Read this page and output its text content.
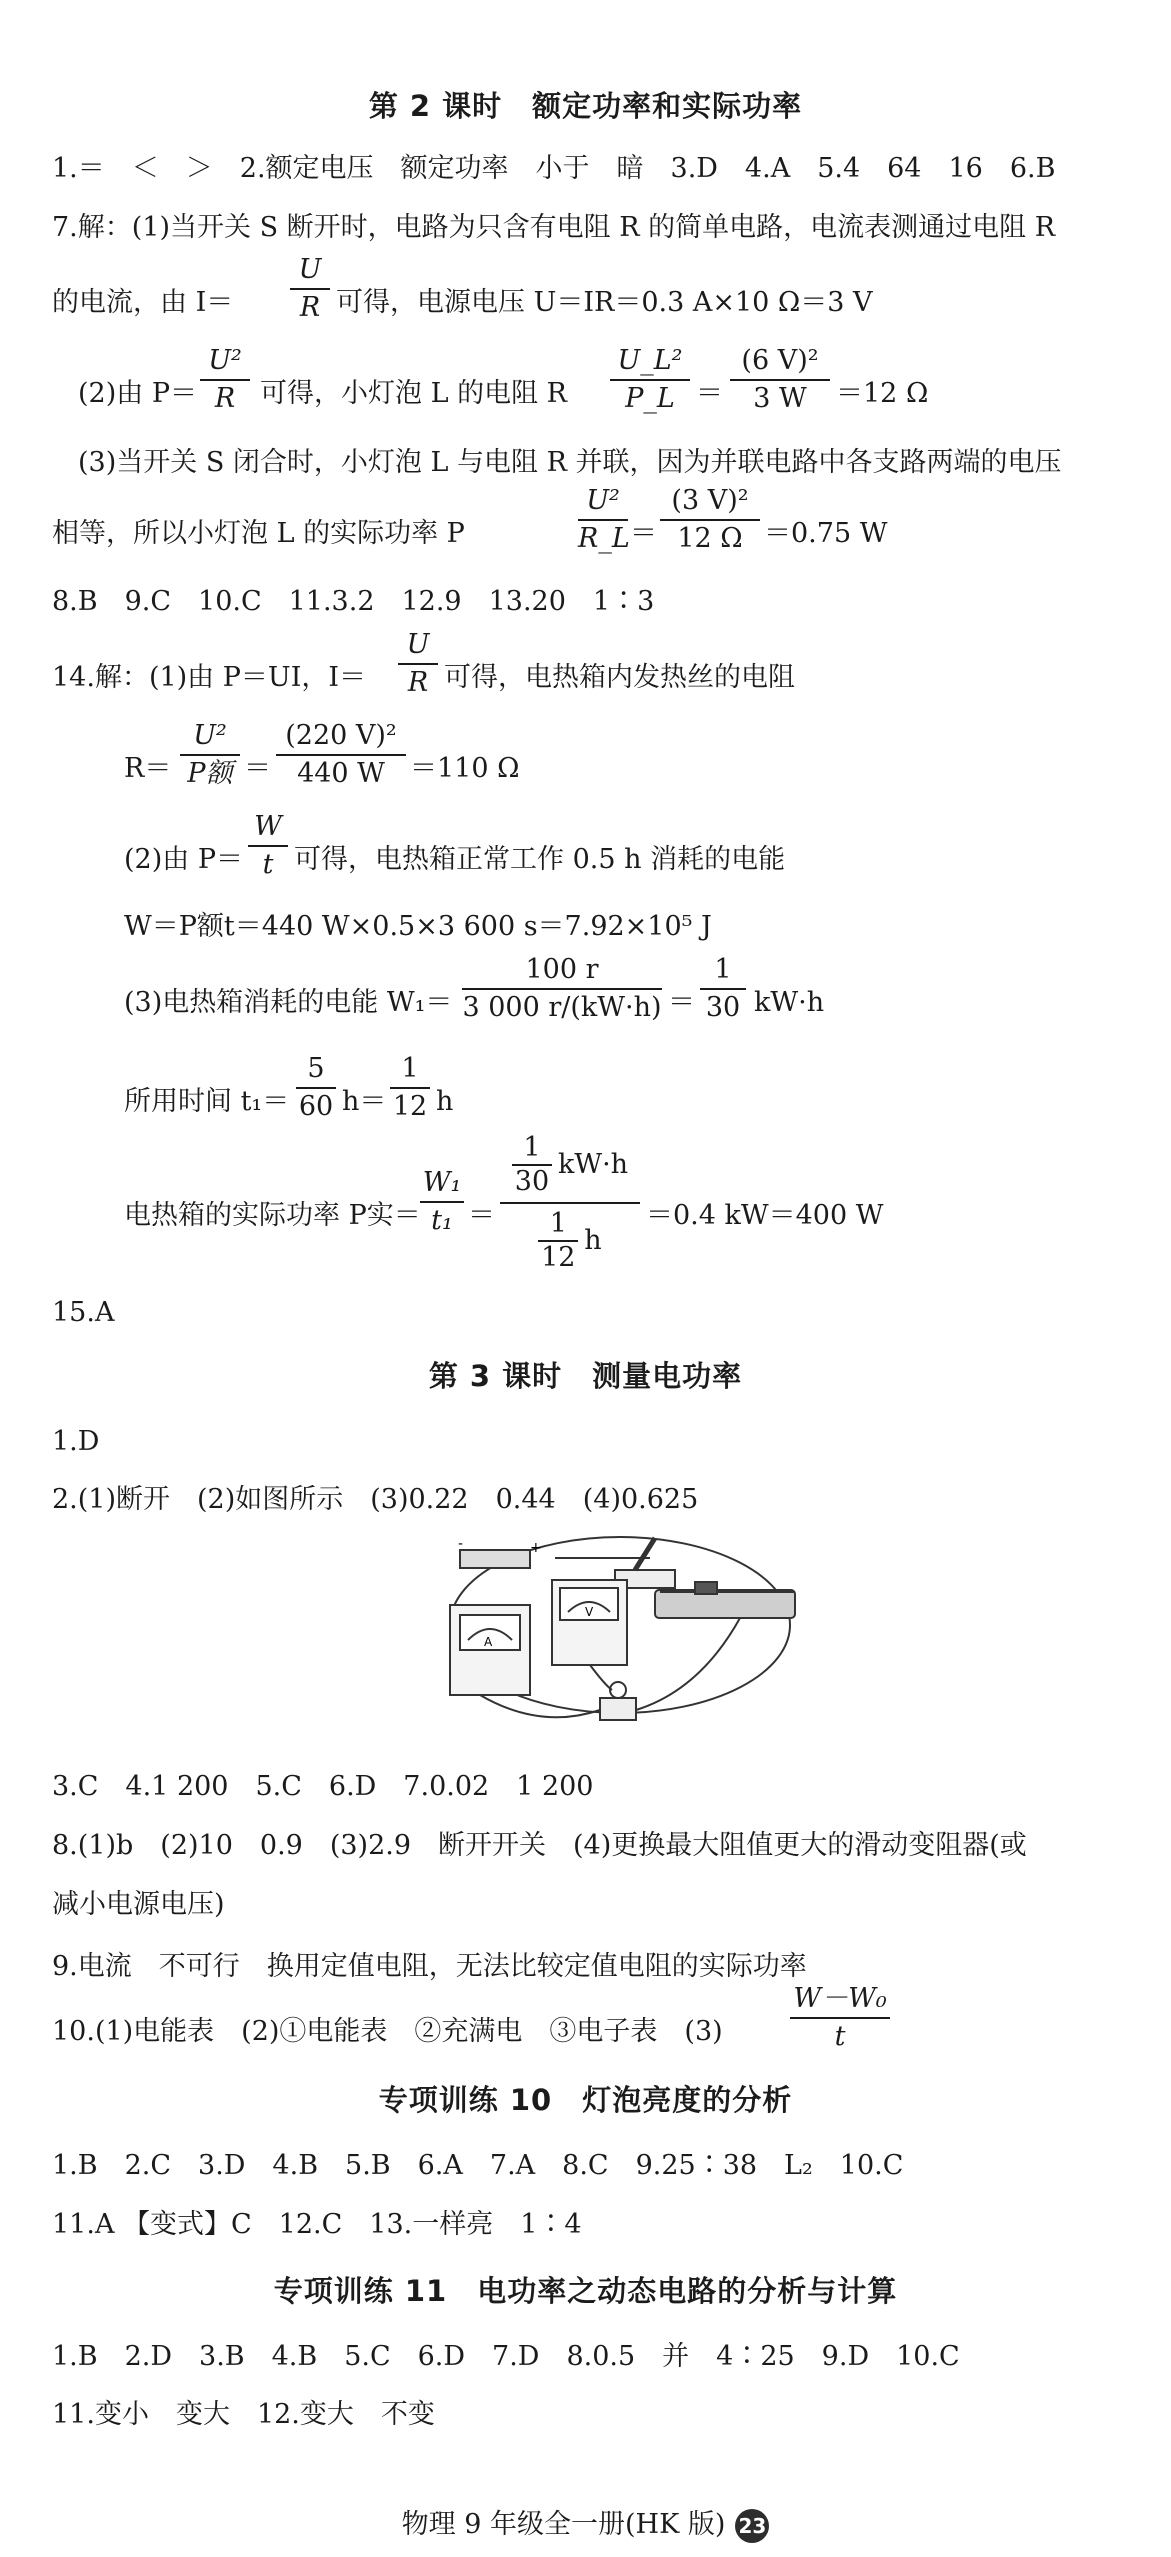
第 2 课时　额定功率和实际功率
1.＝　＜　＞　2.额定电压　额定功率　小于　暗　3.D　4.A　5.4　64　16　6.B
7.解：(1)当开关 S 断开时，电路为只含有电阻 R 的简单电路，电流表测通过电阻 R
的电流，由 I＝
U
R 可得，电源电压 U＝IR＝0.3 A×10 Ω＝3 V
(2)由 P＝
U²
R 可得，小灯泡 L 的电阻 R
U_L²
P_L ＝
(6 V)²
3 W	＝12 Ω
(3)当开关 S 闭合时，小灯泡 L 与电阻 R 并联，因为并联电路中各支路两端的电压
相等，所以小灯泡 L 的实际功率 P
U²
R_L ＝
(3 V)²
12 Ω ＝0.75 W
8.B　9.C　10.C　11.3.2　12.9　13.20　1∶3
14.解：(1)由 P＝UI，I＝
U
R 可得，电热箱内发热丝的电阻
R＝
U²
P额 ＝
(220 V)²
440 W ＝110 Ω
(2)由 P＝
W
t 可得，电热箱正常工作 0.5 h 消耗的电能
W＝P额t＝440 W×0.5×3 600 s＝7.92×10⁵ J
(3)电热箱消耗的电能 W₁＝
100 r
3 000 r/(kW·h) ＝
1
30 kW·h
所用时间 t₁＝
5
60 h＝
1
12 h
电热箱的实际功率 P实＝
W₁
t₁ ＝
1
30
kW·h
1
12
h
＝0.4 kW＝400 W
15.A
第 3 课时　测量电功率
1.D
2.(1)断开　(2)如图所示　(3)0.22　0.44　(4)0.625
-	+
A
V
3.C　4.1 200　5.C　6.D　7.0.02　1 200
8.(1)b　(2)10　0.9　(3)2.9　断开开关　(4)更换最大阻值更大的滑动变阻器(或
减小电源电压)
9.电流　不可行　换用定值电阻，无法比较定值电阻的实际功率
10.(1)电能表　(2)①电能表　②充满电　③电子表　(3)
W－W₀
t
专项训练 10　灯泡亮度的分析
1.B　2.C　3.D　4.B　5.B　6.A　7.A　8.C　9.25∶38　L₂　10.C
11.A 【变式】C　12.C　13.一样亮　1∶4
专项训练 11　电功率之动态电路的分析与计算
1.B　2.D　3.B　4.B　5.C　6.D　7.D　8.0.5　并　4∶25　9.D　10.C
11.变小　变大　12.变大　不变
物理 9 年级全一册(HK 版) 23
